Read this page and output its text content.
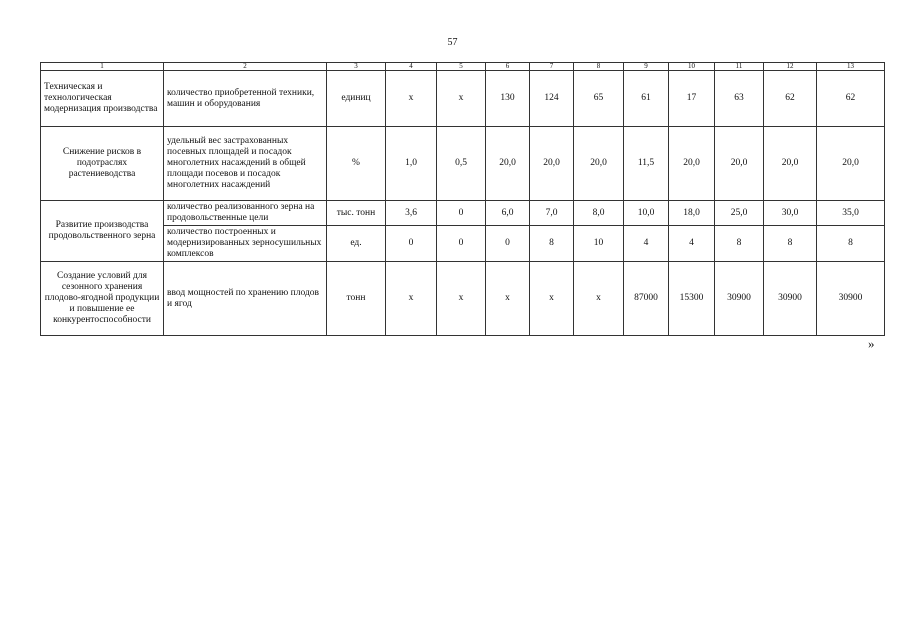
57
1	2	3	4	5	6	7	8	9	10	11	12	13
Техническая и технологическая модернизация производства	количество приобретенной техники, машин и оборудования	единиц	х	х	130	124	65	61	17	63	62	62
Снижение рисков в подотраслях растениеводства	удельный вес застрахованных посевных площадей и посадок многолетних насаждений в общей площади посевов и посадок многолетних насаждений	%	1,0	0,5	20,0	20,0	20,0	11,5	20,0	20,0	20,0	20,0
Развитие производства продовольственного зерна	количество реализованного зерна на продовольственные цели	тыс. тонн	3,6	0	6,0	7,0	8,0	10,0	18,0	25,0	30,0	35,0
	количество построенных и модернизированных зерносушильных комплексов	ед.	0	0	0	8	10	4	4	8	8	8
Создание условий для сезонного хранения плодово-ягодной продукции и повышение ее конкурентоспособности	ввод мощностей по хранению плодов и ягод	тонн	х	х	х	х	х	87000	15300	30900	30900	30900
»
